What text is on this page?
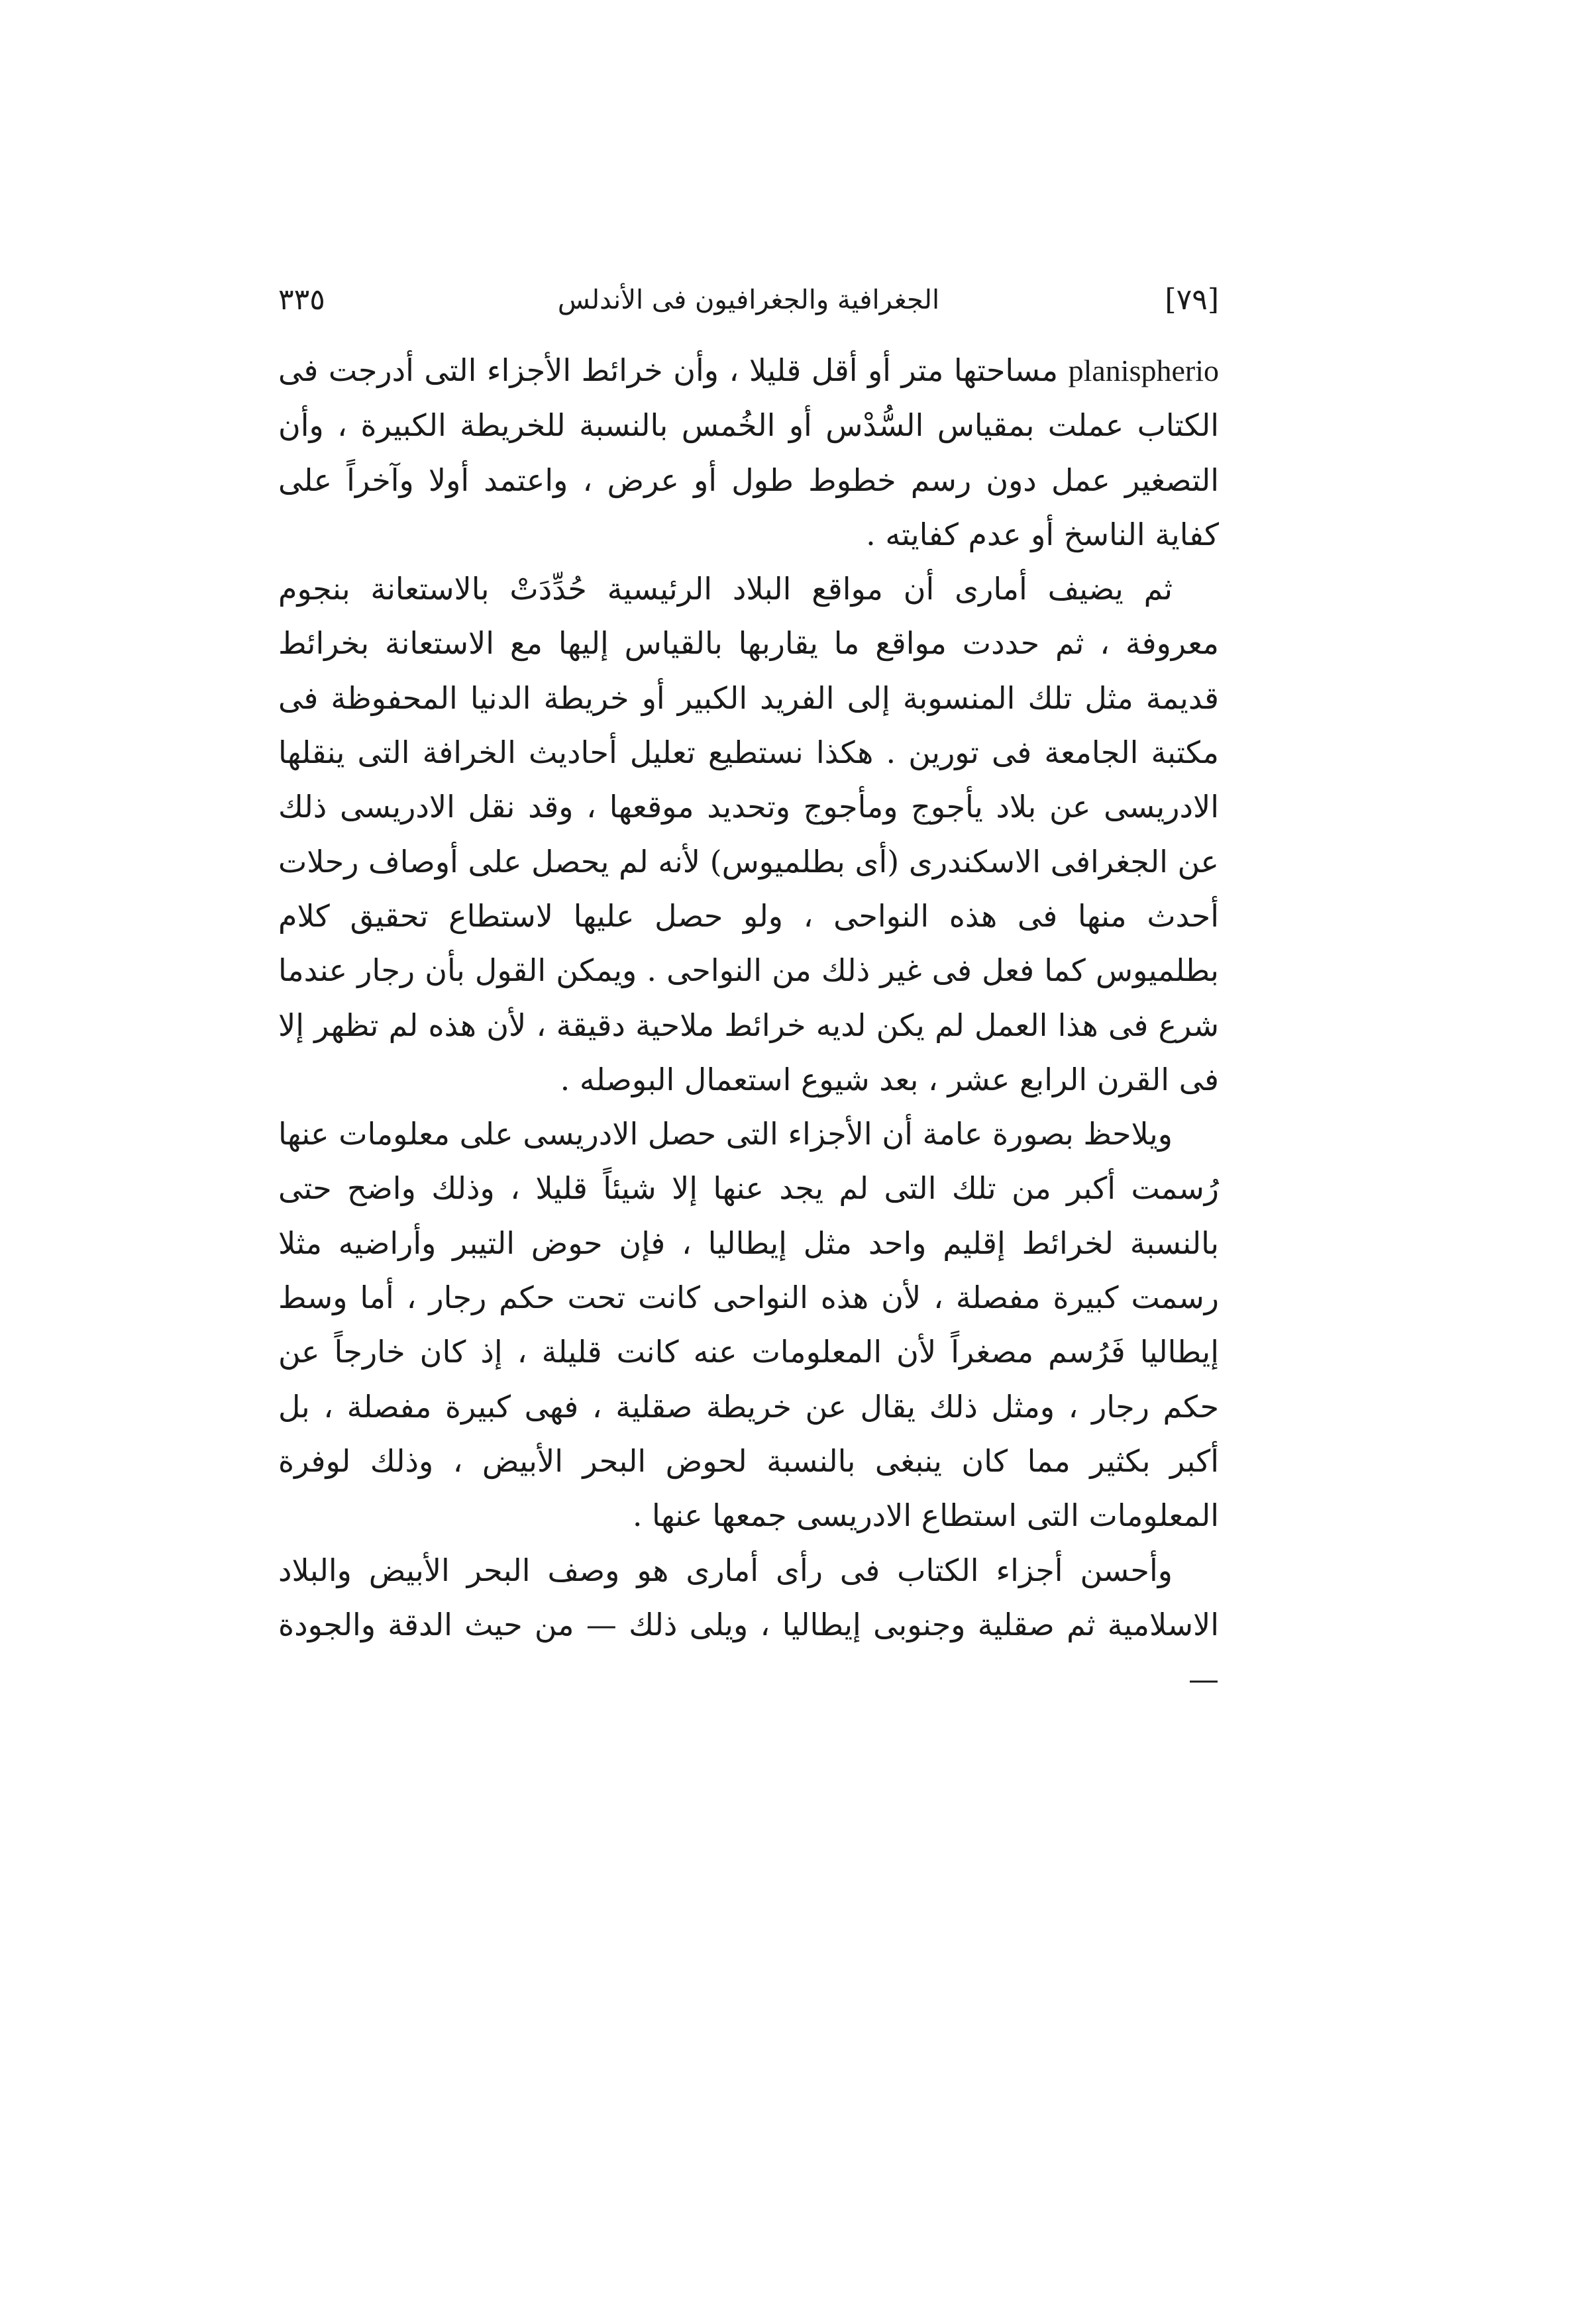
[٧٩]
الجغرافية والجغرافيون فى الأندلس
٣٣٥

planispherio مساحتها متر أو أقل قليلا ، وأن خرائط الأجزاء التى أدرجت فى الكتاب عملت بمقياس السُّدْس أو الخُمس بالنسبة للخريطة الكبيرة ، وأن التصغير عمل دون رسم خطوط طول أو عرض ، واعتمد أولا وآخراً على كفاية الناسخ أو عدم كفايته .

ثم يضيف أمارى أن مواقع البلاد الرئيسية حُدِّدَتْ بالاستعانة بنجوم معروفة ، ثم حددت مواقع ما يقاربها بالقياس إليها مع الاستعانة بخرائط قديمة مثل تلك المنسوبة إلى الفريد الكبير أو خريطة الدنيا المحفوظة فى مكتبة الجامعة فى تورين . هكذا نستطيع تعليل أحاديث الخرافة التى ينقلها الادريسى عن بلاد يأجوج ومأجوج وتحديد موقعها ، وقد نقل الادريسى ذلك عن الجغرافى الاسكندرى (أى بطلميوس) لأنه لم يحصل على أوصاف رحلات أحدث منها فى هذه النواحى ، ولو حصل عليها لاستطاع تحقيق كلام بطلميوس كما فعل فى غير ذلك من النواحى . ويمكن القول بأن رجار عندما شرع فى هذا العمل لم يكن لديه خرائط ملاحية دقيقة ، لأن هذه لم تظهر إلا فى القرن الرابع عشر ، بعد شيوع استعمال البوصله .

ويلاحظ بصورة عامة أن الأجزاء التى حصل الادريسى على معلومات عنها رُسمت أكبر من تلك التى لم يجد عنها إلا شيئاً قليلا ، وذلك واضح حتى بالنسبة لخرائط إقليم واحد مثل إيطاليا ، فإن حوض التيبر وأراضيه مثلا رسمت كبيرة مفصلة ، لأن هذه النواحى كانت تحت حكم رجار ، أما وسط إيطاليا فَرُسم مصغراً لأن المعلومات عنه كانت قليلة ، إذ كان خارجاً عن حكم رجار ، ومثل ذلك يقال عن خريطة صقلية ، فهى كبيرة مفصلة ، بل أكبر بكثير مما كان ينبغى بالنسبة لحوض البحر الأبيض ، وذلك لوفرة المعلومات التى استطاع الادريسى جمعها عنها .

وأحسن أجزاء الكتاب فى رأى أمارى هو وصف البحر الأبيض والبلاد الاسلامية ثم صقلية وجنوبى إيطاليا ، ويلى ذلك — من حيث الدقة والجودة —
